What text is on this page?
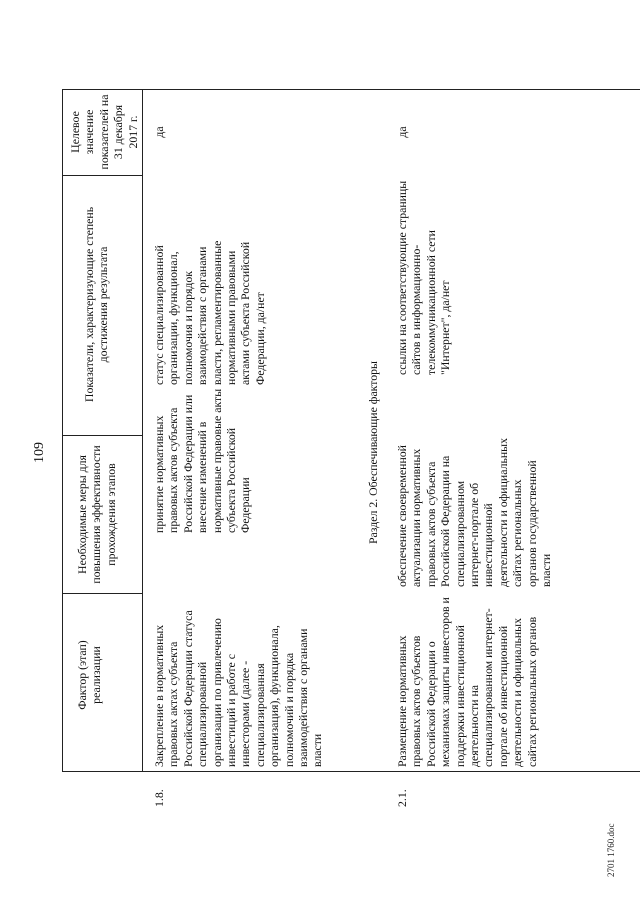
109
Фактор (этап) реализации
Необходимые меры для повышения эффективности прохождения этапов
Показатели, характеризующие степень достижения результата
Целевое значение показателей на 31 декабря 2017 г.
1.8.
Закрепление в нормативных правовых актах субъекта Российской Федерации статуса специализированной организации по привлечению инвестиций и работе с инвесторами (далее - специализированная организация), функционала, полномочий и порядка взаимодействия с органами власти
принятие нормативных правовых актов субъекта Российской Федерации или внесение изменений в нормативные правовые акты субъекта Российской Федерации
статус специализированной организации, функционал, полномочия и порядок взаимодействия с органами власти, регламентированные нормативными правовыми актами субъекта Российской Федерации, да/нет
да
Раздел 2. Обеспечивающие факторы
2.1.
Размещение нормативных правовых актов субъектов Российской Федерации о механизмах защиты инвесторов и поддержки инвестиционной деятельности на специализированном интернет-портале об инвестиционной деятельности и официальных сайтах региональных органов
обеспечение своевременной актуализации нормативных правовых актов субъекта Российской Федерации на специализированном интернет-портале об инвестиционной деятельности и официальных сайтах региональных органов государственной власти
ссылки на соответствующие страницы сайтов в информационно-телекоммуникационной сети "Интернет", да/нет
да
2701 1760.doc
